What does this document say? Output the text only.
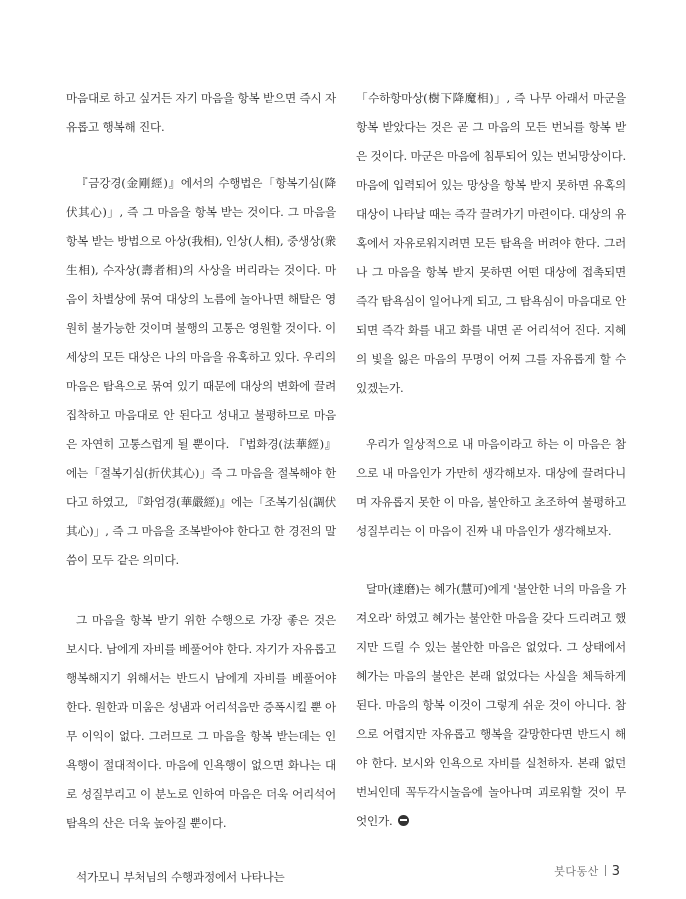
마음대로 하고 싶거든 자기 마음을 항복 받으면 즉시 자유롭고 행복해 진다.

『금강경(金剛經)』에서의 수행법은「항복기심(降伏其心)」, 즉 그 마음을 항복 받는 것이다. 그 마음을 항복 받는 방법으로 아상(我相), 인상(人相), 중생상(衆生相), 수자상(壽者相)의 사상을 버리라는 것이다. 마음이 차별상에 묶여 대상의 노름에 놀아나면 해탈은 영원히 불가능한 것이며 불행의 고통은 영원할 것이다. 이 세상의 모든 대상은 나의 마음을 유혹하고 있다. 우리의 마음은 탐욕으로 묶여 있기 때문에 대상의 변화에 끌려 집착하고 마음대로 안 된다고 성내고 불평하므로 마음은 자연히 고통스럽게 될 뿐이다. 『법화경(法華經)』에는「절복기심(折伏其心)」즉 그 마음을 절복해야 한다고 하였고, 『화엄경(華嚴經)』에는「조복기심(調伏其心)」, 즉 그 마음을 조복받아야 한다고 한 경전의 말씀이 모두 같은 의미다.

그 마음을 항복 받기 위한 수행으로 가장 좋은 것은 보시다. 남에게 자비를 베풀어야 한다. 자기가 자유롭고 행복해지기 위해서는 반드시 남에게 자비를 베풀어야 한다. 원한과 미움은 성냄과 어리석음만 증폭시킬 뿐 아무 이익이 없다. 그러므로 그 마음을 항복 받는데는 인욕행이 절대적이다. 마음에 인욕행이 없으면 화나는 대로 성질부리고 이 분노로 인하여 마음은 더욱 어리석어 탐욕의 산은 더욱 높아질 뿐이다.

석가모니 부처님의 수행과정에서 나타나는

「수하항마상(樹下降魔相)」, 즉 나무 아래서 마군을 항복 받았다는 것은 곧 그 마음의 모든 번뇌를 항복 받은 것이다. 마군은 마음에 침투되어 있는 번뇌망상이다. 마음에 입력되어 있는 망상을 항복 받지 못하면 유혹의 대상이 나타날 때는 즉각 끌려가기 마련이다. 대상의 유혹에서 자유로워지려면 모든 탐욕을 버려야 한다. 그러나 그 마음을 항복 받지 못하면 어떤 대상에 접촉되면 즉각 탐욕심이 일어나게 되고, 그 탐욕심이 마음대로 안 되면 즉각 화를 내고 화를 내면 곧 어리석어 진다. 지혜의 빛을 잃은 마음의 무명이 어찌 그를 자유롭게 할 수 있겠는가.

우리가 일상적으로 내 마음이라고 하는 이 마음은 참으로 내 마음인가 가만히 생각해보자. 대상에 끌려다니며 자유롭지 못한 이 마음, 불안하고 초조하여 불평하고 성질부리는 이 마음이 진짜 내 마음인가 생각해보자.

달마(達磨)는 혜가(慧可)에게 '불안한 너의 마음을 가져오라' 하였고 혜가는 불안한 마음을 갖다 드리려고 했지만 드릴 수 있는 불안한 마음은 없었다. 그 상태에서 혜가는 마음의 불안은 본래 없었다는 사실을 체득하게 된다. 마음의 항복 이것이 그렇게 쉬운 것이 아니다. 참으로 어렵지만 자유롭고 행복을 갈망한다면 반드시 해야 한다. 보시와 인욕으로 자비를 실천하자. 본래 없던 번뇌인데 꼭두각시놀음에 놀아나며 괴로워할 것이 무엇인가.

붓다동산 3
